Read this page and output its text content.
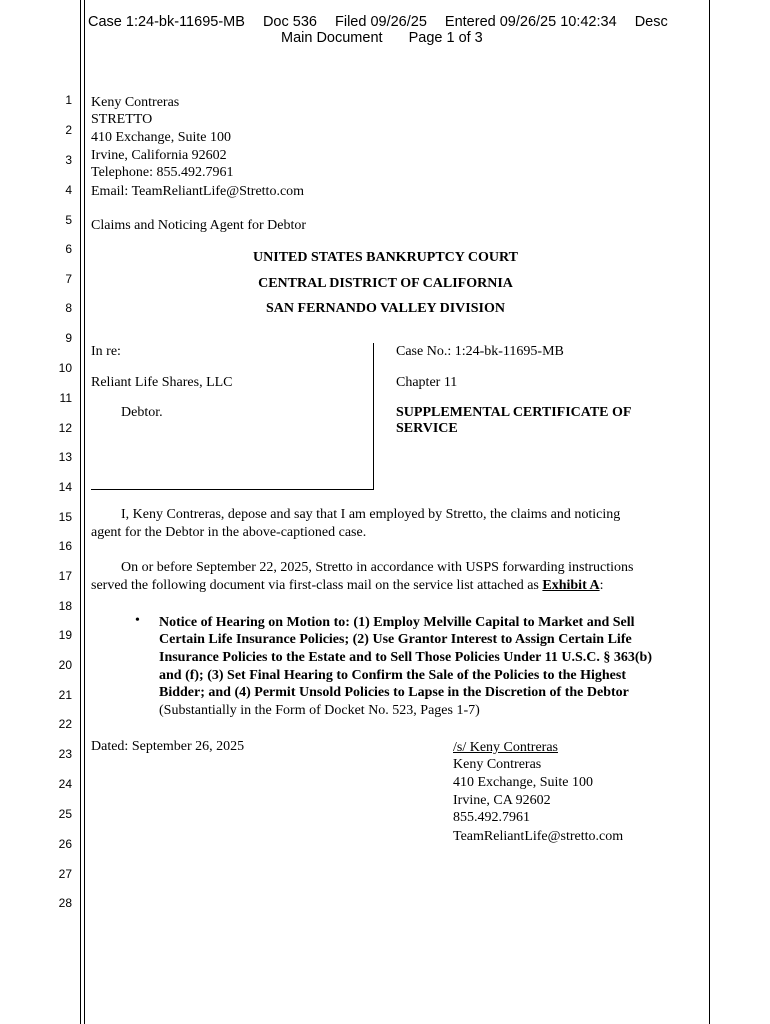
Case 1:24-bk-11695-MB Doc 536 Filed 09/26/25 Entered 09/26/25 10:42:34 Desc
Main Document Page 1 of 3
1
2
3
4
5
6
7
8
9
10
11
12
13
14
15
16
17
18
19
20
21
22
23
24
25
26
27
28
Keny Contreras
STRETTO
410 Exchange, Suite 100
Irvine, California 92602
Telephone: 855.492.7961
Email: TeamReliantLife@Stretto.com
Claims and Noticing Agent for Debtor
UNITED STATES BANKRUPTCY COURT
CENTRAL DISTRICT OF CALIFORNIA
SAN FERNANDO VALLEY DIVISION
In re:
Reliant Life Shares, LLC
Debtor.
Case No.: 1:24-bk-11695-MB
Chapter 11
SUPPLEMENTAL CERTIFICATE OF
SERVICE
I, Keny Contreras, depose and say that I am employed by Stretto, the claims and noticing
agent for the Debtor in the above-captioned case.
On or before September 22, 2025, Stretto in accordance with USPS forwarding instructions
served the following document via first-class mail on the service list attached as Exhibit A:
• Notice of Hearing on Motion to: (1) Employ Melville Capital to Market and Sell
Certain Life Insurance Policies; (2) Use Grantor Interest to Assign Certain Life
Insurance Policies to the Estate and to Sell Those Policies Under 11 U.S.C. § 363(b)
and (f); (3) Set Final Hearing to Confirm the Sale of the Policies to the Highest
Bidder; and (4) Permit Unsold Policies to Lapse in the Discretion of the Debtor
(Substantially in the Form of Docket No. 523, Pages 1-7)
Dated: September 26, 2025	/s/ Keny Contreras
Keny Contreras
410 Exchange, Suite 100
Irvine, CA 92602
855.492.7961
TeamReliantLife@stretto.com
